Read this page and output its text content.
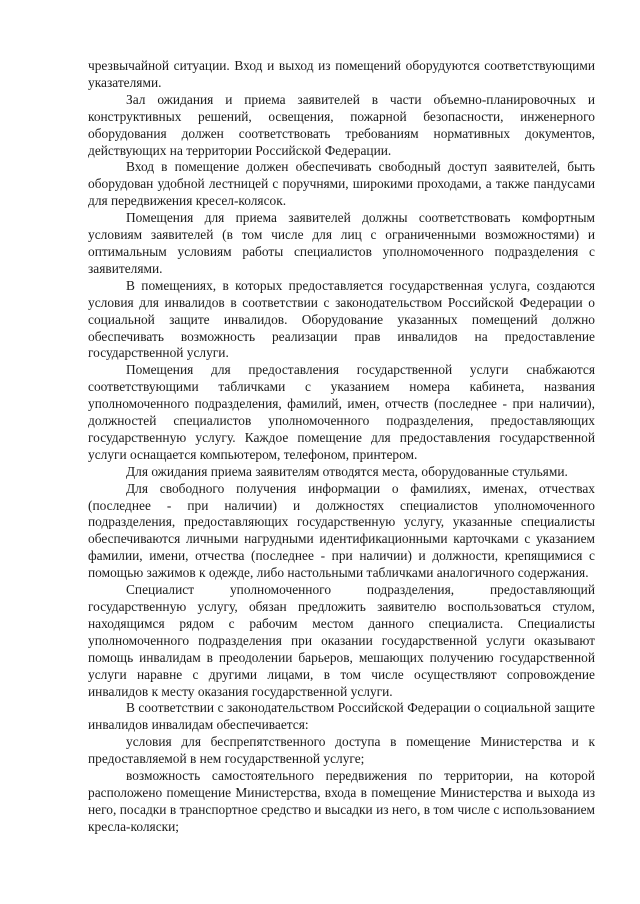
чрезвычайной ситуации. Вход и выход из помещений оборудуются соответствующими указателями.

Зал ожидания и приема заявителей в части объемно-планировочных и конструктивных решений, освещения, пожарной безопасности, инженерного оборудования должен соответствовать требованиям нормативных документов, действующих на территории Российской Федерации.

Вход в помещение должен обеспечивать свободный доступ заявителей, быть оборудован удобной лестницей с поручнями, широкими проходами, а также пандусами для передвижения кресел-колясок.

Помещения для приема заявителей должны соответствовать комфортным условиям заявителей (в том числе для лиц с ограниченными возможностями) и оптимальным условиям работы специалистов уполномоченного подразделения с заявителями.

В помещениях, в которых предоставляется государственная услуга, создаются условия для инвалидов в соответствии с законодательством Российской Федерации о социальной защите инвалидов. Оборудование указанных помещений должно обеспечивать возможность реализации прав инвалидов на предоставление государственной услуги.

Помещения для предоставления государственной услуги снабжаются соответствующими табличками с указанием номера кабинета, названия уполномоченного подразделения, фамилий, имен, отчеств (последнее - при наличии), должностей специалистов уполномоченного подразделения, предоставляющих государственную услугу. Каждое помещение для предоставления государственной услуги оснащается компьютером, телефоном, принтером.

Для ожидания приема заявителям отводятся места, оборудованные стульями.

Для свободного получения информации о фамилиях, именах, отчествах (последнее - при наличии) и должностях специалистов уполномоченного подразделения, предоставляющих государственную услугу, указанные специалисты обеспечиваются личными нагрудными идентификационными карточками с указанием фамилии, имени, отчества (последнее - при наличии) и должности, крепящимися с помощью зажимов к одежде, либо настольными табличками аналогичного содержания.

Специалист уполномоченного подразделения, предоставляющий государственную услугу, обязан предложить заявителю воспользоваться стулом, находящимся рядом с рабочим местом данного специалиста. Специалисты уполномоченного подразделения при оказании государственной услуги оказывают помощь инвалидам в преодолении барьеров, мешающих получению государственной услуги наравне с другими лицами, в том числе осуществляют сопровождение инвалидов к месту оказания государственной услуги.

В соответствии с законодательством Российской Федерации о социальной защите инвалидов инвалидам обеспечивается:

условия для беспрепятственного доступа в помещение Министерства и к предоставляемой в нем государственной услуге;

возможность самостоятельного передвижения по территории, на которой расположено помещение Министерства, входа в помещение Министерства и выхода из него, посадки в транспортное средство и высадки из него, в том числе с использованием кресла-коляски;
